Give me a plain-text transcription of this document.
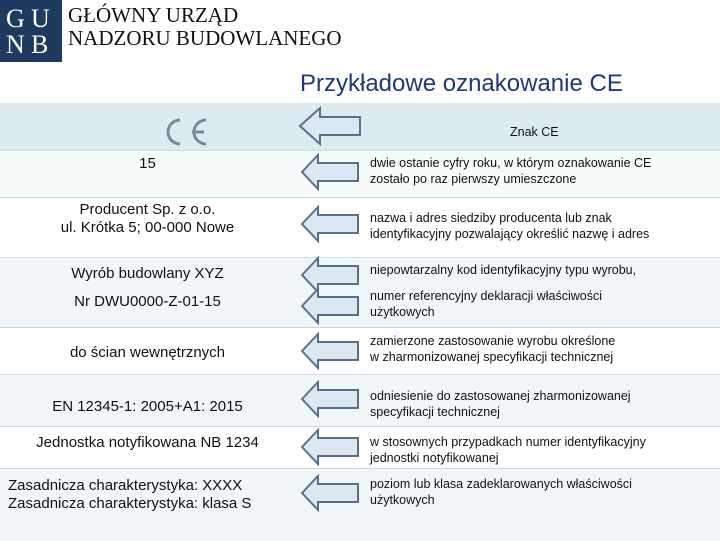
G U
N B
GŁÓWNY URZĄD
NADZORU BUDOWLANEGO
Przykładowe oznakowanie CE
Znak CE
15
Producent Sp. z o.o.
ul. Krótka 5; 00-000 Nowe
Wyrób budowlany XYZ
Nr DWU0000-Z-01-15
do ścian wewnętrznych
EN 12345-1: 2005+A1: 2015
Jednostka notyfikowana NB 1234
Zasadnicza charakterystyka: XXXX
Zasadnicza charakterystyka: klasa S
dwie ostanie cyfry roku, w którym oznakowanie CE
zostało po raz pierwszy umieszczone
nazwa i adres siedziby producenta lub znak
identyfikacyjny pozwalający określić nazwę i adres
niepowtarzalny kod identyfikacyjny typu wyrobu,
numer referencyjny deklaracji właściwości
użytkowych
zamierzone zastosowanie wyrobu określone
w zharmonizowanej specyfikacji technicznej
odniesienie do zastosowanej zharmonizowanej
specyfikacji technicznej
w stosownych przypadkach numer identyfikacyjny
jednostki notyfikowanej
poziom lub klasa zadeklarowanych właściwości
użytkowych
